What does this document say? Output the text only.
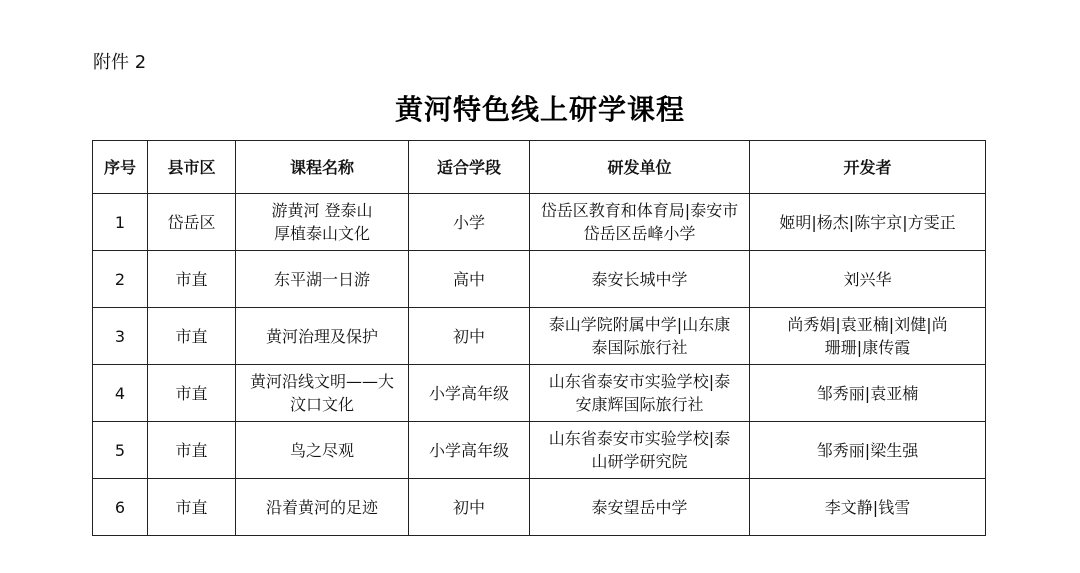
附件 2
黄河特色线上研学课程
序号	县市区	课程名称	适合学段	研发单位	开发者
1	岱岳区	游黄河 登泰山 厚植泰山文化	小学	岱岳区教育和体育局|泰安市岱岳区岳峰小学	姬明|杨杰|陈宇京|方雯正
2	市直	东平湖一日游	高中	泰安长城中学	刘兴华
3	市直	黄河治理及保护	初中	泰山学院附属中学|山东康泰国际旅行社	尚秀娟|袁亚楠|刘健|尚珊珊|康传霞
4	市直	黄河沿线文明——大汶口文化	小学高年级	山东省泰安市实验学校|泰安康辉国际旅行社	邹秀丽|袁亚楠
5	市直	鸟之尽观	小学高年级	山东省泰安市实验学校|泰山研学研究院	邹秀丽|梁生强
6	市直	沿着黄河的足迹	初中	泰安望岳中学	李文静|钱雪
